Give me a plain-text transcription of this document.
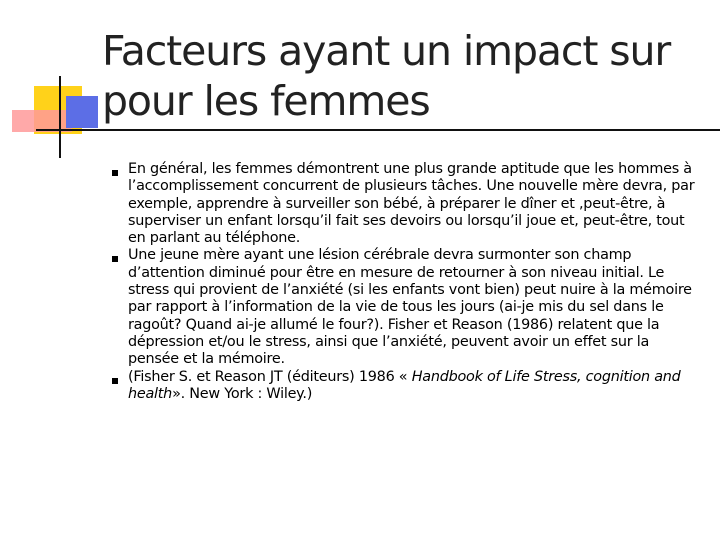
Facteurs ayant un impact sur pour les femmes
En général, les femmes démontrent une plus grande aptitude que les hommes à l’accomplissement concurrent de plusieurs tâches. Une nouvelle mère devra, par exemple, apprendre à surveiller son bébé, à préparer le dîner et ,peut-être, à superviser un enfant lorsqu’il fait ses devoirs ou lorsqu’il joue et, peut-être, tout en parlant au téléphone.
Une jeune mère ayant une lésion cérébrale devra surmonter son champ d’attention diminué pour être en mesure de retourner à son niveau initial. Le stress qui provient de l’anxiété (si les enfants vont bien) peut nuire à la mémoire par rapport à l’information de la vie de tous les jours (ai-je mis du sel dans le ragoût? Quand ai-je allumé le four?). Fisher et Reason (1986) relatent que la dépression et/ou le stress, ainsi que l’anxiété, peuvent avoir un effet sur la pensée et la mémoire.
(Fisher S. et Reason JT (éditeurs) 1986 « Handbook of Life Stress, cognition and health». New York : Wiley.)
